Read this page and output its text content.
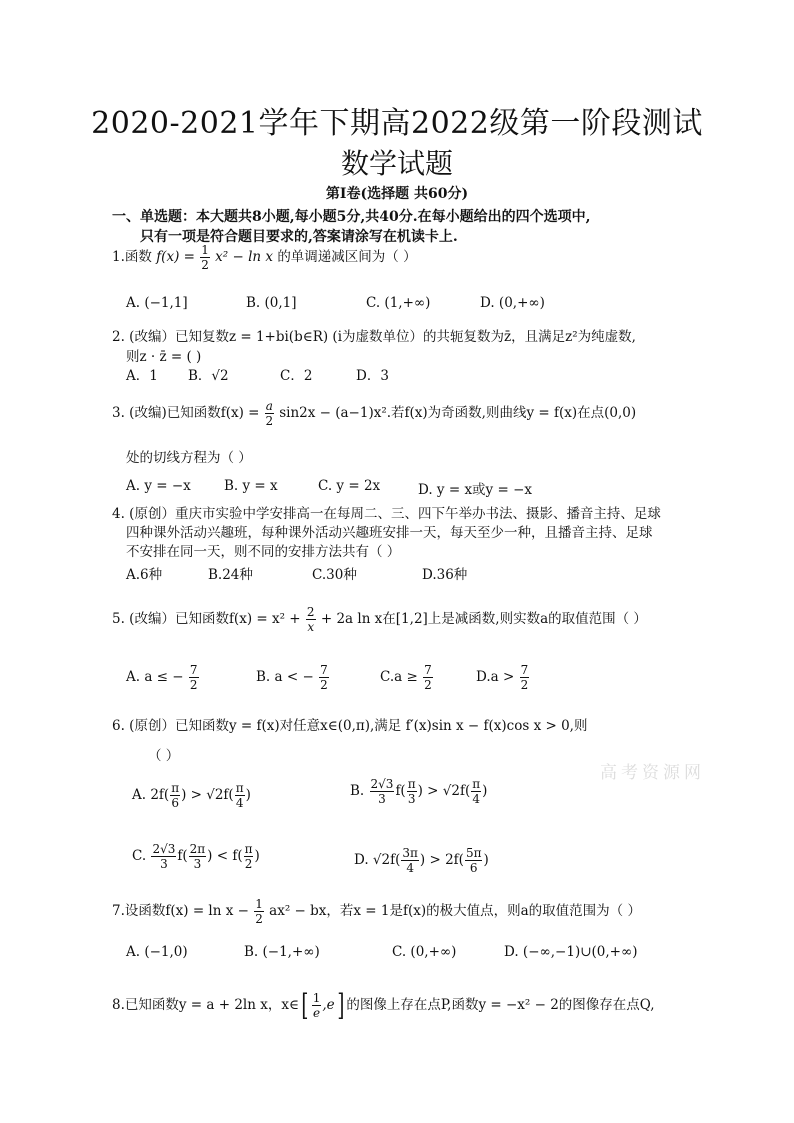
2020-2021学年下期高2022级第一阶段测试
数学试题
第Ⅰ卷(选择题 共60分)
一、单选题：本大题共8小题,每小题5分,共40分.在每小题给出的四个选项中,
只有一项是符合题目要求的,答案请涂写在机读卡上.
1.函数 $f(x) = \frac{1}{2} x^2 - \ln x$ 的单调递减区间为（ ）
A. (−1,1]	B. (0,1]	C. (1,+∞)	D. (0,+∞)
2. (改编）已知复数z = 1+bi(b∈R) (i为虚数单位）的共轭复数为z̄，且满足z²为纯虚数,
则z · z̄ = ( )
A．1 B．√2	C．2	D．3
3. (改编)已知函数$f(x) = \frac{a}{2} \sin 2x - (a-1)x^2$.若f(x)为奇函数,则曲线y = f(x)在点(0,0)
处的切线方程为（ ）
A. y = −x B. y = x	C. y = 2x	D. y = x或y = −x
4. (原创）重庆市实验中学安排高一在每周二、三、四下午举办书法、摄影、播音主持、足球
四种课外活动兴趣班，每种课外活动兴趣班安排一天，每天至少一种，且播音主持、足球
不安排在同一天，则不同的安排方法共有（ ）
A.6种	B.24种	C.30种	D.36种
5. (改编）已知函数$f(x) = x^2 + \frac{2}{x} + 2a$ ln x在[1,2]上是减函数,则实数a的取值范围（ ）
A. a ≤ − $\frac{7}{2}$	B. a < − $\frac{7}{2}$	$C.a \ge \frac{7}{2}$	$D.a > \frac{7}{2}$
6. (原创）已知函数y = f(x)对任意x∈(0,π),满足 f′(x)sin x − f(x)cos x > 0,则
（ ）
A. $2f( \frac{\pi}{6}$ ) > $√2f( \frac{\pi}{4}$ )	B. $\frac{2√3}{3} f( \frac{\pi}{3}$ ) > $√2f( \frac{\pi}{4}$ )
C. $\frac{2√3}{3} f( \frac{2\pi}{3}$ ) < $f( \frac{\pi}{2}$ )	D. $√2f( \frac{3\pi}{4}$ ) > $2f( \frac{5\pi}{6}$ )
7.设函数$f(x) = \ln x - \frac{1}{2} ax^2$ − bx，若x = 1是f(x)的极大值点，则a的取值范围为（ ）
A. (−1,0)	B. (−1,+∞)	C. (0,+∞)	D. (−∞,−1)∪(0,+∞)
8.已知函数y = a + 2ln x，x∈[ $\frac{1}{e} ,e$] 的图像上存在点P,函数y = −x² − 2的图像存在点Q,
高考资源网
